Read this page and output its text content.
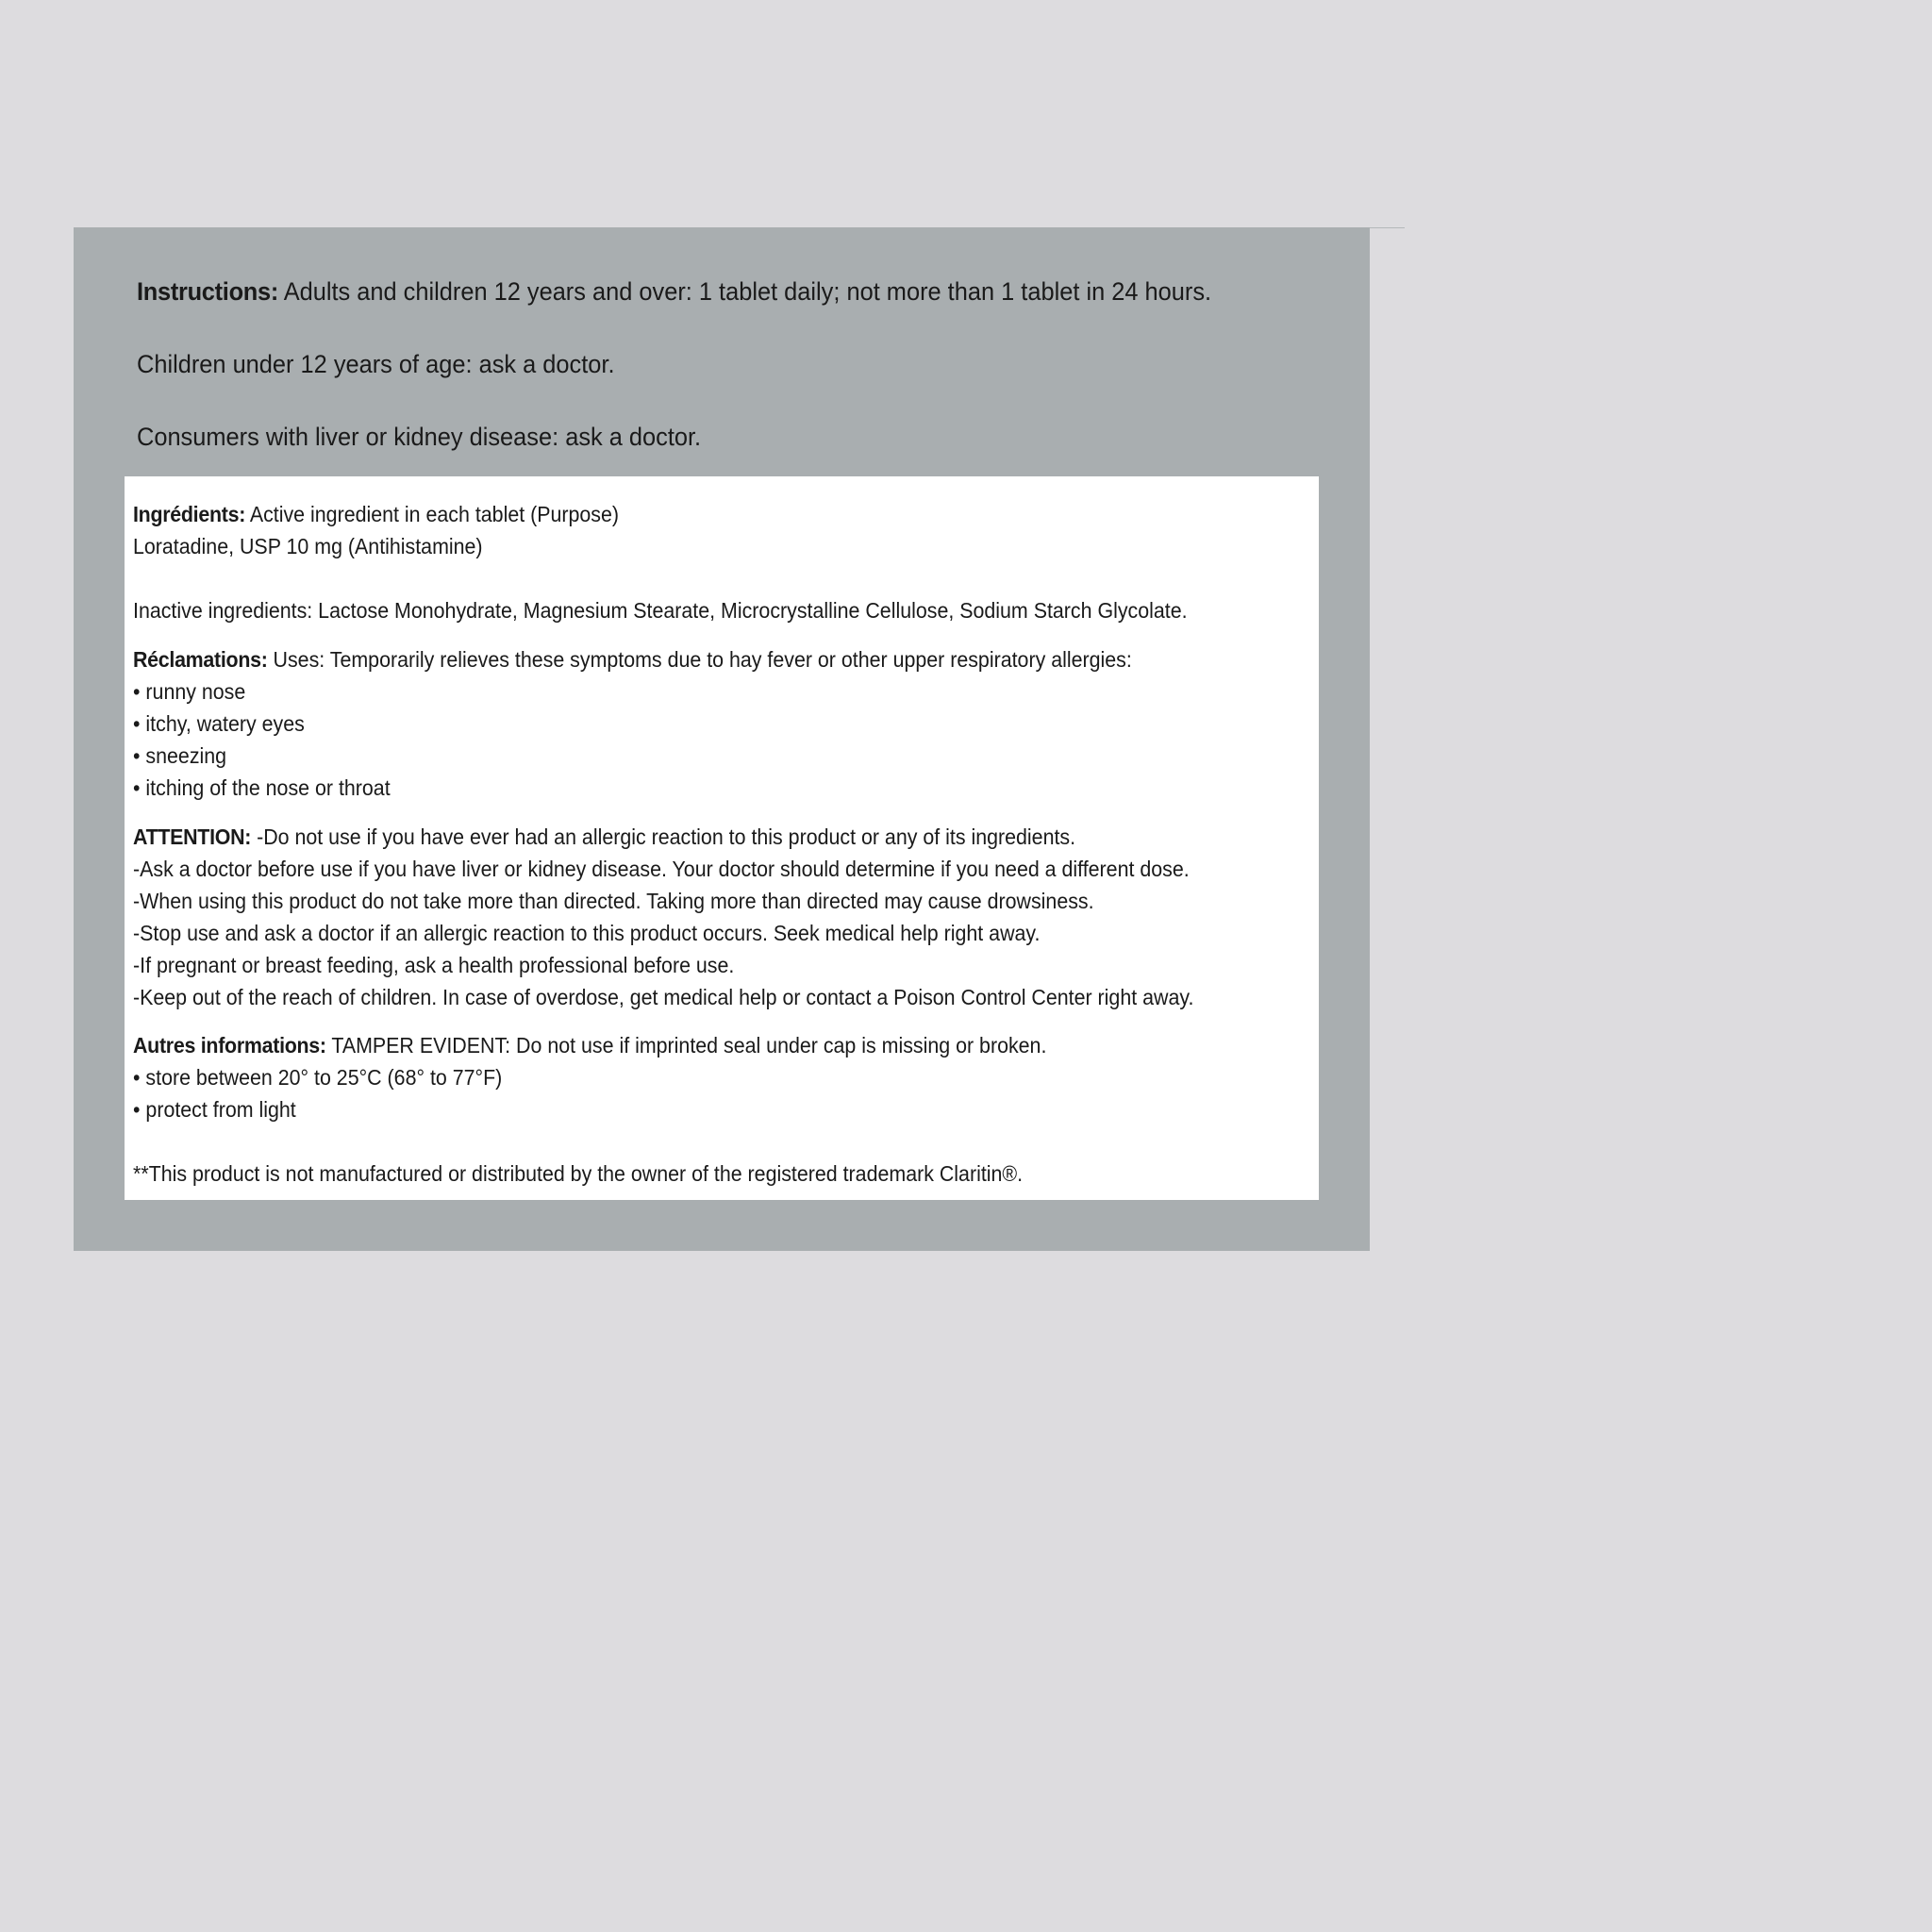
Instructions: Adults and children 12 years and over: 1 tablet daily; not more than 1 tablet in 24 hours.
Children under 12 years of age: ask a doctor.
Consumers with liver or kidney disease: ask a doctor.
Ingrédients: Active ingredient in each tablet (Purpose)
Loratadine, USP 10 mg (Antihistamine)
Inactive ingredients: Lactose Monohydrate, Magnesium Stearate, Microcrystalline Cellulose, Sodium Starch Glycolate.
Réclamations: Uses: Temporarily relieves these symptoms due to hay fever or other upper respiratory allergies:
• runny nose
• itchy, watery eyes
• sneezing
• itching of the nose or throat
ATTENTION: -Do not use if you have ever had an allergic reaction to this product or any of its ingredients.
-Ask a doctor before use if you have liver or kidney disease. Your doctor should determine if you need a different dose.
-When using this product do not take more than directed. Taking more than directed may cause drowsiness.
-Stop use and ask a doctor if an allergic reaction to this product occurs. Seek medical help right away.
-If pregnant or breast feeding, ask a health professional before use.
-Keep out of the reach of children. In case of overdose, get medical help or contact a Poison Control Center right away.
Autres informations: TAMPER EVIDENT: Do not use if imprinted seal under cap is missing or broken.
• store between 20° to 25°C (68° to 77°F)
• protect from light
**This product is not manufactured or distributed by the owner of the registered trademark Claritin®.
